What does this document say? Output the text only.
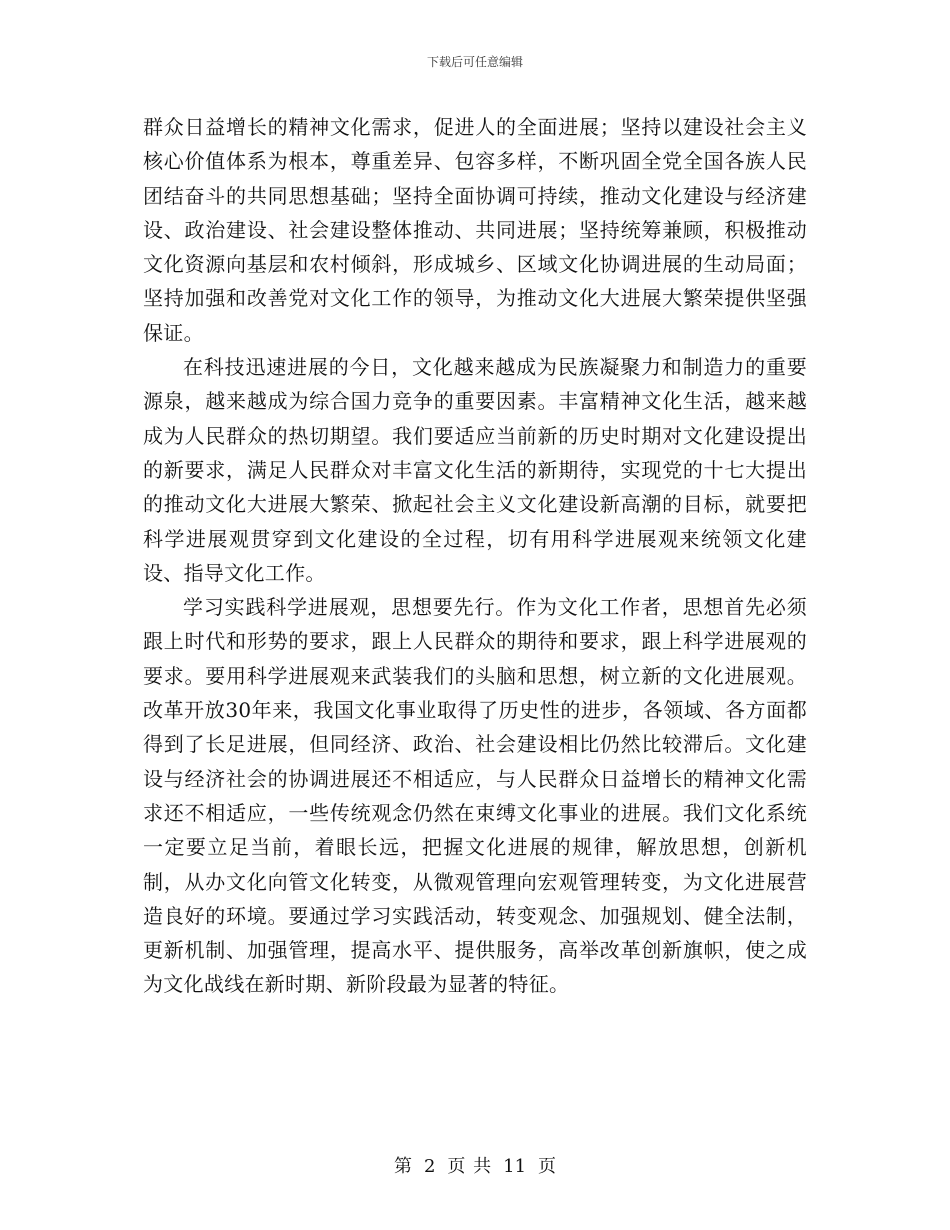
下载后可任意编辑

群众日益增长的精神文化需求，促进人的全面进展；坚持以建设社会主义核心价值体系为根本，尊重差异、包容多样，不断巩固全党全国各族人民团结奋斗的共同思想基础；坚持全面协调可持续，推动文化建设与经济建设、政治建设、社会建设整体推动、共同进展；坚持统筹兼顾，积极推动文化资源向基层和农村倾斜，形成城乡、区域文化协调进展的生动局面；坚持加强和改善党对文化工作的领导，为推动文化大进展大繁荣提供坚强保证。

在科技迅速进展的今日，文化越来越成为民族凝聚力和制造力的重要源泉，越来越成为综合国力竞争的重要因素。丰富精神文化生活，越来越成为人民群众的热切期望。我们要适应当前新的历史时期对文化建设提出的新要求，满足人民群众对丰富文化生活的新期待，实现党的十七大提出的推动文化大进展大繁荣、掀起社会主义文化建设新高潮的目标，就要把科学进展观贯穿到文化建设的全过程，切有用科学进展观来统领文化建设、指导文化工作。

学习实践科学进展观，思想要先行。作为文化工作者，思想首先必须跟上时代和形势的要求，跟上人民群众的期待和要求，跟上科学进展观的要求。要用科学进展观来武装我们的头脑和思想，树立新的文化进展观。改革开放30年来，我国文化事业取得了历史性的进步，各领域、各方面都得到了长足进展，但同经济、政治、社会建设相比仍然比较滞后。文化建设与经济社会的协调进展还不相适应，与人民群众日益增长的精神文化需求还不相适应，一些传统观念仍然在束缚文化事业的进展。我们文化系统一定要立足当前，着眼长远，把握文化进展的规律，解放思想，创新机制，从办文化向管文化转变，从微观管理向宏观管理转变，为文化进展营造良好的环境。要通过学习实践活动，转变观念、加强规划、健全法制，更新机制、加强管理，提高水平、提供服务，高举改革创新旗帜，使之成为文化战线在新时期、新阶段最为显著的特征。

第 2 页 共 11 页
